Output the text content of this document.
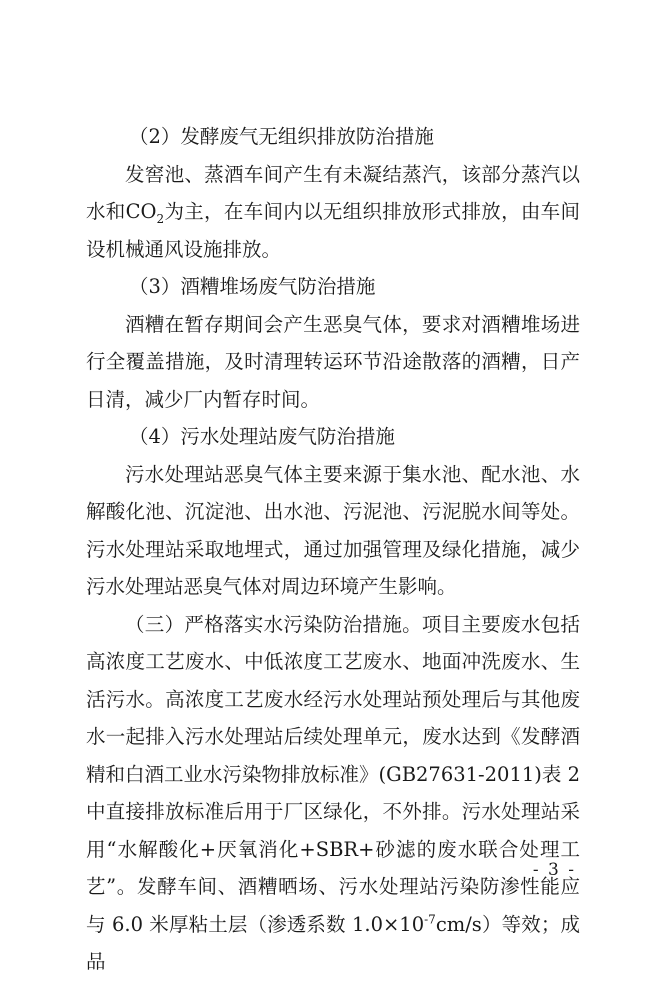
（2）发酵废气无组织排放防治措施

发窖池、蒸酒车间产生有未凝结蒸汽，该部分蒸汽以水和$CO_2$为主，在车间内以无组织排放形式排放，由车间设机械通风设施排放。

（3）酒糟堆场废气防治措施

酒糟在暂存期间会产生恶臭气体，要求对酒糟堆场进行全覆盖措施，及时清理转运环节沿途散落的酒糟，日产日清，减少厂内暂存时间。

（4）污水处理站废气防治措施

污水处理站恶臭气体主要来源于集水池、配水池、水解酸化池、沉淀池、出水池、污泥池、污泥脱水间等处。污水处理站采取地埋式，通过加强管理及绿化措施，减少污水处理站恶臭气体对周边环境产生影响。

（三）严格落实水污染防治措施。项目主要废水包括高浓度工艺废水、中低浓度工艺废水、地面冲洗废水、生活污水。高浓度工艺废水经污水处理站预处理后与其他废水一起排入污水处理站后续处理单元，废水达到《发酵酒精和白酒工业水污染物排放标准》(GB27631-2011)表 2 中直接排放标准后用于厂区绿化，不外排。污水处理站采用“水解酸化+厌氧消化+SBR+砂滤的废水联合处理工艺”。发酵车间、酒糟晒场、污水处理站污染防渗性能应与 6.0 米厚粘土层（渗透系数 $1.0\times 10^{-7}cm/s$）等效；成品

- 3 -
